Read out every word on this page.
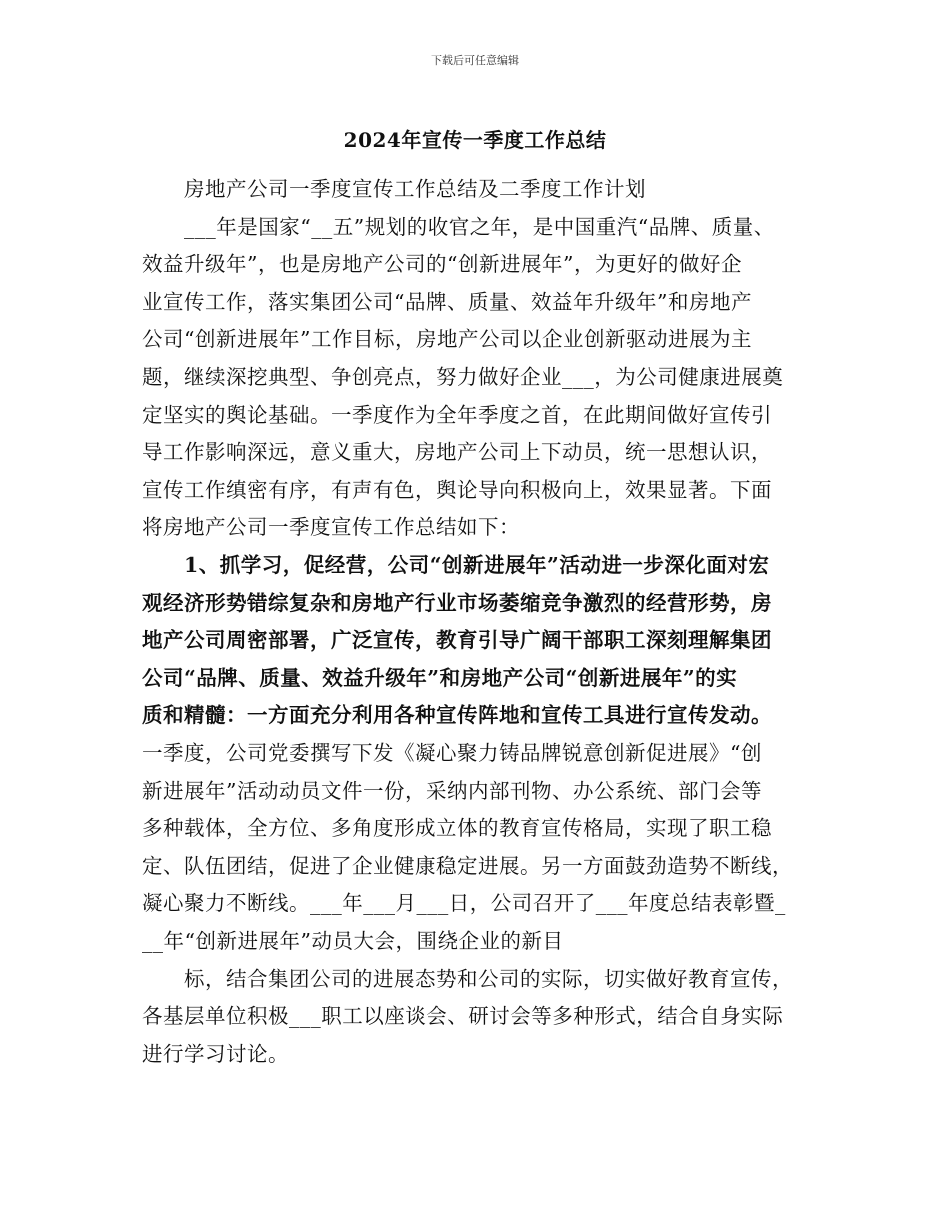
下载后可任意编辑
2024年宣传一季度工作总结
房地产公司一季度宣传工作总结及二季度工作计划
___年是国家“__五”规划的收官之年，是中国重汽“品牌、质量、
效益升级年”，也是房地产公司的“创新进展年”，为更好的做好企
业宣传工作，落实集团公司“品牌、质量、效益年升级年”和房地产
公司“创新进展年”工作目标，房地产公司以企业创新驱动进展为主
题，继续深挖典型、争创亮点，努力做好企业___，为公司健康进展奠
定坚实的舆论基础。一季度作为全年季度之首，在此期间做好宣传引
导工作影响深远，意义重大，房地产公司上下动员，统一思想认识，
宣传工作缜密有序，有声有色，舆论导向积极向上，效果显著。下面
将房地产公司一季度宣传工作总结如下：
1、抓学习，促经营，公司“创新进展年”活动进一步深化面对宏
观经济形势错综复杂和房地产行业市场萎缩竞争激烈的经营形势，房
地产公司周密部署，广泛宣传，教育引导广阔干部职工深刻理解集团
公司“品牌、质量、效益升级年”和房地产公司“创新进展年”的实
质和精髓：一方面充分利用各种宣传阵地和宣传工具进行宣传发动。
一季度，公司党委撰写下发《凝心聚力铸品牌锐意创新促进展》“创
新进展年”活动动员文件一份，采纳内部刊物、办公系统、部门会等
多种载体，全方位、多角度形成立体的教育宣传格局，实现了职工稳
定、队伍团结，促进了企业健康稳定进展。另一方面鼓劲造势不断线，
凝心聚力不断线。___年___月___日，公司召开了___年度总结表彰暨_
__年“创新进展年”动员大会，围绕企业的新目
标，结合集团公司的进展态势和公司的实际，切实做好教育宣传，
各基层单位积极___职工以座谈会、研讨会等多种形式，结合自身实际
进行学习讨论。
